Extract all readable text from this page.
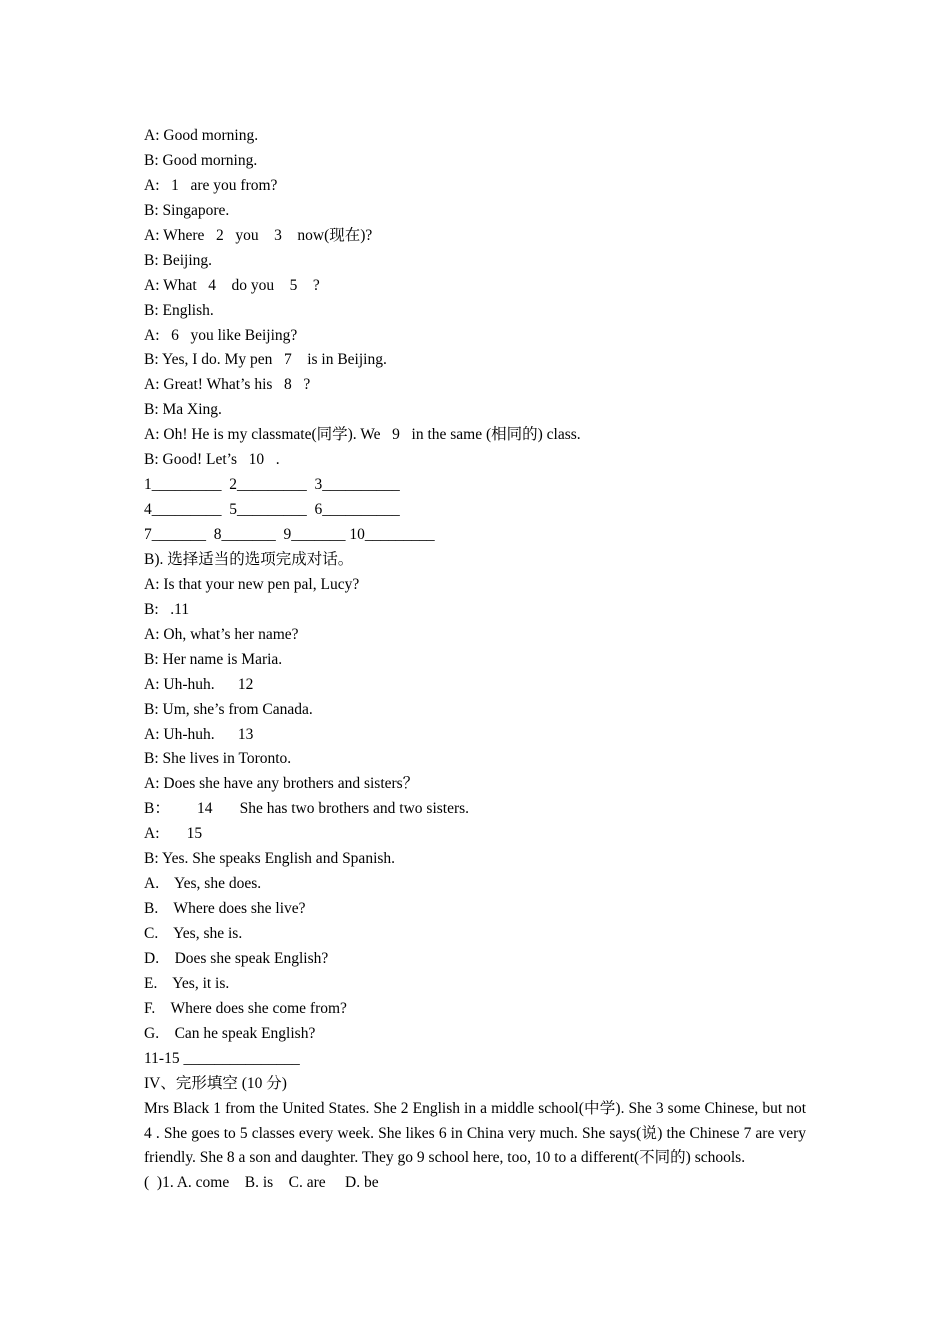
A: Good morning.
B: Good morning.
A:   1   are you from?
B: Singapore.
A: Where   2   you    3    now(现在)?
B: Beijing.
A: What   4    do you    5    ?
B: English.
A:   6   you like Beijing?
B: Yes, I do. My pen   7    is in Beijing.
A: Great! What’s his   8   ?
B: Ma Xing.
A: Oh! He is my classmate(同学). We   9   in the same (相同的) class.
B: Good! Let’s   10   .
1_________  2_________  3__________
4_________  5_________  6__________
7_______  8_______  9_______ 10_________
B). 选择适当的选项完成对话。
A: Is that your new pen pal, Lucy?
B:   .11
A: Oh, what’s her name?
B: Her name is Maria.
A: Uh-huh.      12
B: Um, she’s from Canada.
A: Uh-huh.      13
B: She lives in Toronto.
A: Does she have any brothers and sisters？
B：       14       She has two brothers and two sisters.
A:       15
B: Yes. She speaks English and Spanish.
A.    Yes, she does.
B.    Where does she live?
C.    Yes, she is.
D.    Does she speak English?
E.    Yes, it is.
F.    Where does she come from?
G.    Can he speak English?
11-15 _______________
IV、完形填空 (10 分)
Mrs Black 1 from the United States. She 2 English in a middle school(中学). She 3 some Chinese, but not 4 . She goes to 5 classes every week. She likes 6 in China very much. She says(说) the Chinese 7 are very friendly. She 8 a son and daughter. They go 9 school here, too, 10 to a different(不同的) schools.
(  )1. A. come    B. is    C. are     D. be
